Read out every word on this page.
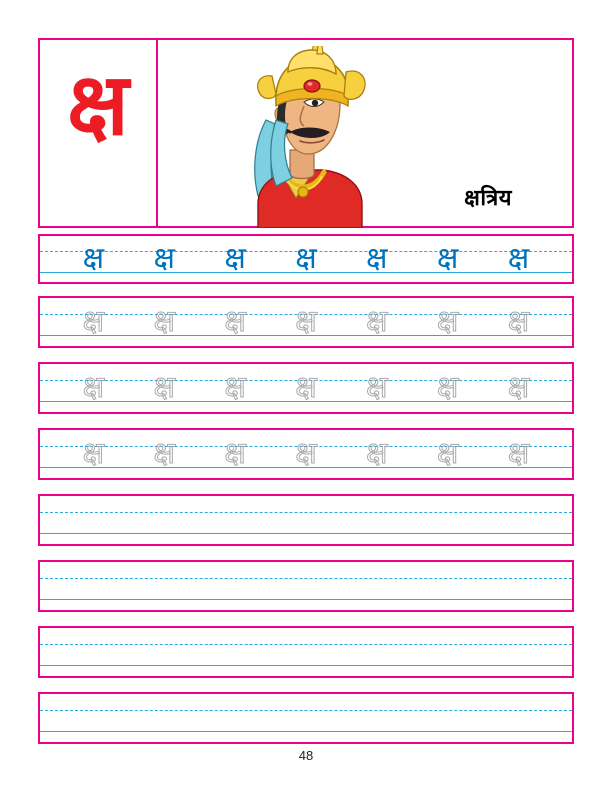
क्ष
क्षत्रिय
क्ष क्ष क्ष क्ष क्ष क्ष क्ष
क्ष क्ष क्ष क्ष क्ष क्ष क्ष
क्ष क्ष क्ष क्ष क्ष क्ष क्ष
क्ष क्ष क्ष क्ष क्ष क्ष क्ष
48
